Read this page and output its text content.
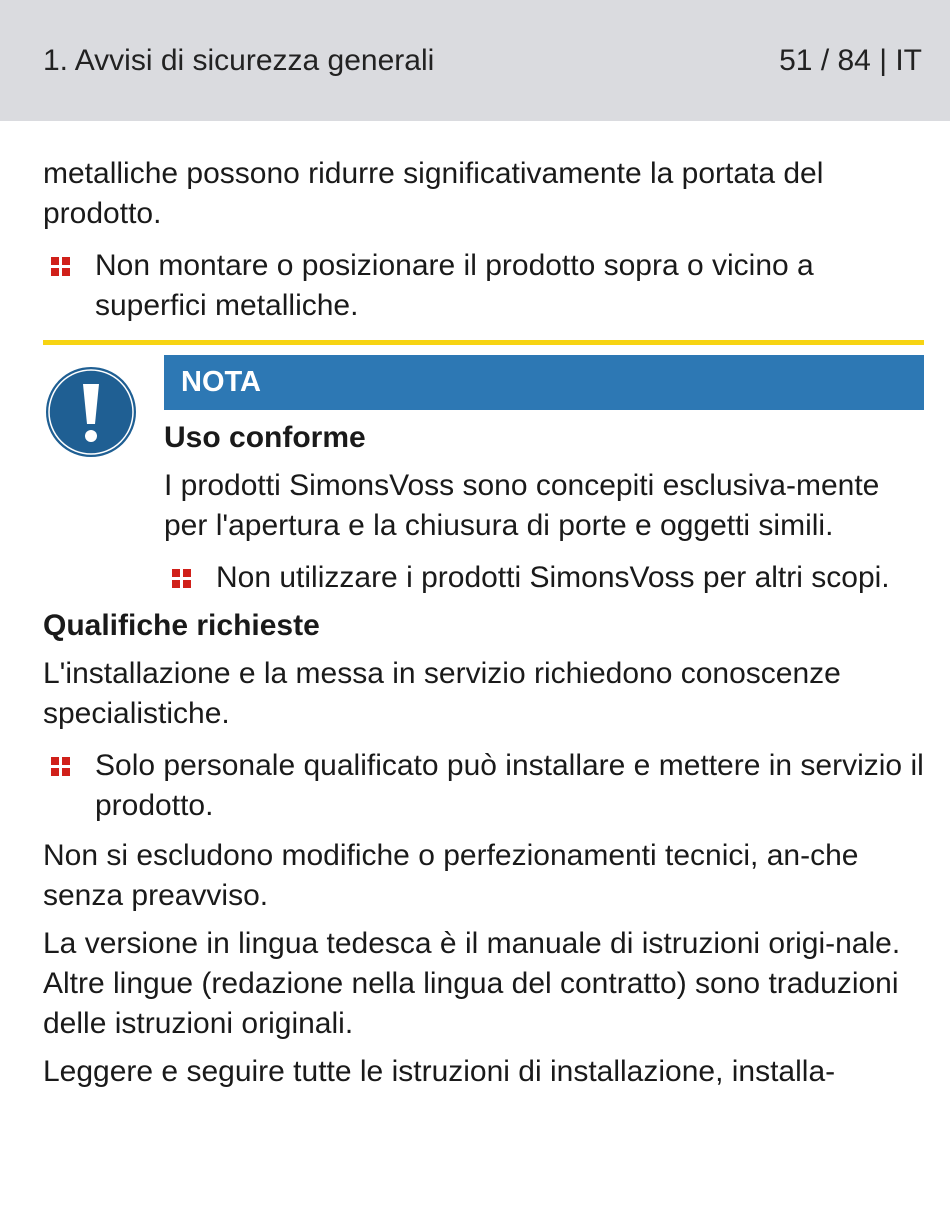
1. Avvisi di sicurezza generali	51 / 84 | IT

metalliche possono ridurre significativamente la portata del prodotto.

Non montare o posizionare il prodotto sopra o vicino a superfici metalliche.
NOTA
Uso conforme

I prodotti SimonsVoss sono concepiti esclusiva-mente per l'apertura e la chiusura di porte e oggetti simili.

Non utilizzare i prodotti SimonsVoss per altri scopi.
Qualifiche richieste

L'installazione e la messa in servizio richiedono conoscenze specialistiche.

Solo personale qualificato può installare e mettere in servizio il prodotto.

Non si escludono modifiche o perfezionamenti tecnici, an-che senza preavviso.

La versione in lingua tedesca è il manuale di istruzioni origi-nale. Altre lingue (redazione nella lingua del contratto) sono traduzioni delle istruzioni originali.

Leggere e seguire tutte le istruzioni di installazione, installa-
